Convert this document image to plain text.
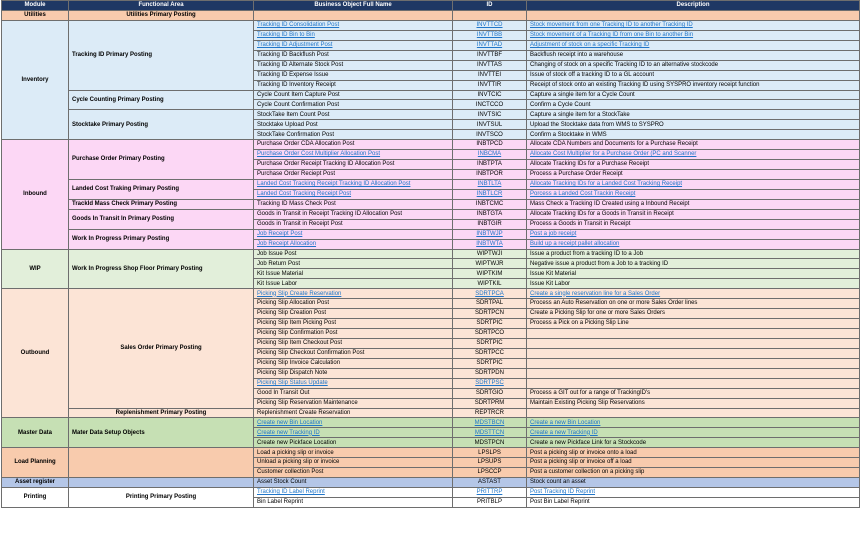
Module	Functional Area	Business Object Full Name	ID	Description
Utilities	Utilities Primary Posting			
Inventory	Tracking ID Primary Posting	Tracking ID Consolidation Post	INVTTCD	Stock movement from one Tracking ID to another Tracking ID
		Tracking ID Bin to Bin	INVTTBB	Stock movement of a Tracking ID from one Bin to another Bin
		Tracking ID Adjustment Post	INVTTAD	Adjustment of stock on a specific Tracking ID
		Tracking ID Backflush Post	INVTTBF	Backflush receipt into a warehouse
		Tracking ID Alternate Stock Post	INVTTAS	Changing of stock on a specific Tracking ID to an alternative stockcode
		Tracking ID Expense Issue	INVTTEI	Issue of stock off a tracking ID to a GL account
		Tracking ID Inventory Receipt	INVTTIR	Receipt of stock onto an existing Tracking ID using SYSPRO inventory receipt function
	Cycle Counting Primary Posting	Cycle Count Item Capture Post	INVTCIC	Capture a single item for a Cycle Count
		Cycle Count Confirmation Post	INCTCCO	Confirm a Cycle Count
	Stocktake Primary Posting	StockTake Item Count Post	INVTSIC	Capture a single item for a StockTake
		Stocktake Upload Post	INVTSUL	Upload the Stocktake data from WMS to SYSPRO
		StockTake Confirmation Post	INVTSCO	Confirm a Stocktake in WMS
Inbound	Purchase Order Primary Posting	Purchase Order CDA Allocation Post	INBTPCD	Allocate CDA Numbers and Documents for a Purchase Receipt
		Purchase Order Cost Multiplier Allocation Post	INBCMA	Allocate Cost Multiplier for a Purchase Order (PC and Scanner
		Purchase Order Receipt Tracking ID Allocation Post	INBTPTA	Allocate Tracking IDs for a Purchase Receipt
		Purchase Order Reciept Post	INBTPOR	Process a Purchase Order Receipt
	Landed Cost Traking Primary Posting	Landed Cost Tracking Receipt Tracking ID Allocation Post	INBTLTA	Allocate Tracking IDs for a Landed Cost Tracking Receipt
		Landed Cost Tracking Receipt Post	INBTLCR	Porcess a Landed Cost Trackin Receipt
	TrackId Mass Check Primary Posting	Tracking ID Mass Check Post	INBTCMC	Mass Check a Tracking ID Created using a Inbound Receipt
	Goods In Transit In Primary Posting	Goods in Transit in Receipt Tracking ID Allocation Post	INBTGTA	Allocate Tracking IDs for a Goods in Transit in Receipt
		Goods in Transit in Receipt Post	INBTGIR	Process a Goods in Transit in Receipt
	Work In Progress Primary Posting	Job Receipt Post	INBTWJP	Post a job receipt
		Job Receipt Allocation	INBTWTA	Build up a receipt pallet allocation
WIP	Work In Progress Shop Floor Primary Posting	Job Issue Post	WIPTWJI	Issue a product from a tracking ID to a Job
		Job Return Post	WIPTWJR	Negative issue a product from a Job to a tracking ID
		Kit Issue Material	WIPTKIM	Issue Kit Material
		Kit Issue Labor	WIPTKIL	Issue Kit Labor
Outbound	Sales Order Primary Posting	Picking Slip Create Reservation	SDRTPCA	Create a single reservation line for a Sales Order
		Picking Slip Allocation Post	SDRTPAL	Process an Auto Reservation on one or more Sales Order lines
		Picking Slip Creation Post	SDRTPCN	Create a Picking Slip for one or more Sales Orders
		Picking Slip Item Picking Post	SDRTPIC	Process a Pick on a Picking Slip Line
		Picking Slip Confirmation Post	SDRTPCO	
		Picking Slip Item Checkout Post	SDRTPIC	
		Picking Slip Checkout Confirmation Post	SDRTPCC	
		Picking Slip Invoice Calculation	SDRTPIC	
		Picking Slip Dispatch Note	SDRTPDN	
		Picking Slip Status Update	SDRTPSC	
		Good In Transit Out	SDRTGIO	Process a GIT out for a range of TrackingID's
		Picking Slip Reservation Maintenance	SDRTPRM	Maintain Existing Picking Slip Reservations
	Replenishment Primary Posting	Replenishment Create Reservation	REPTRCR	
Master Data	Mater Data Setup Objects	Create new Bin Location	MDSTBCN	Create a new Bin Location
		Create new Tracking ID	MDSTTCN	Create a new Tracking ID
		Create new Pickface Location	MDSTPCN	Create a new Pickface Link for a Stockcode
Load Planning		Load a picking slip or invoice	LPSLPS	Post a picking slip or invoice onto a load
		Unload a picking slip or invoice	LPSUPS	Post a picking slip or invoice off a load
		Customer collection Post	LPSCCP	Post a customer collection on a picking slip
Asset register		Asset Stock Count	ASTAST	Stock count an asset
Printing	Printing Primary Posting	Tracking ID Label Reprint	PRITTRP	Post Tracking ID Reprint
		Bin Label Reprint	PRITBLP	Post Bin Label Reprint
